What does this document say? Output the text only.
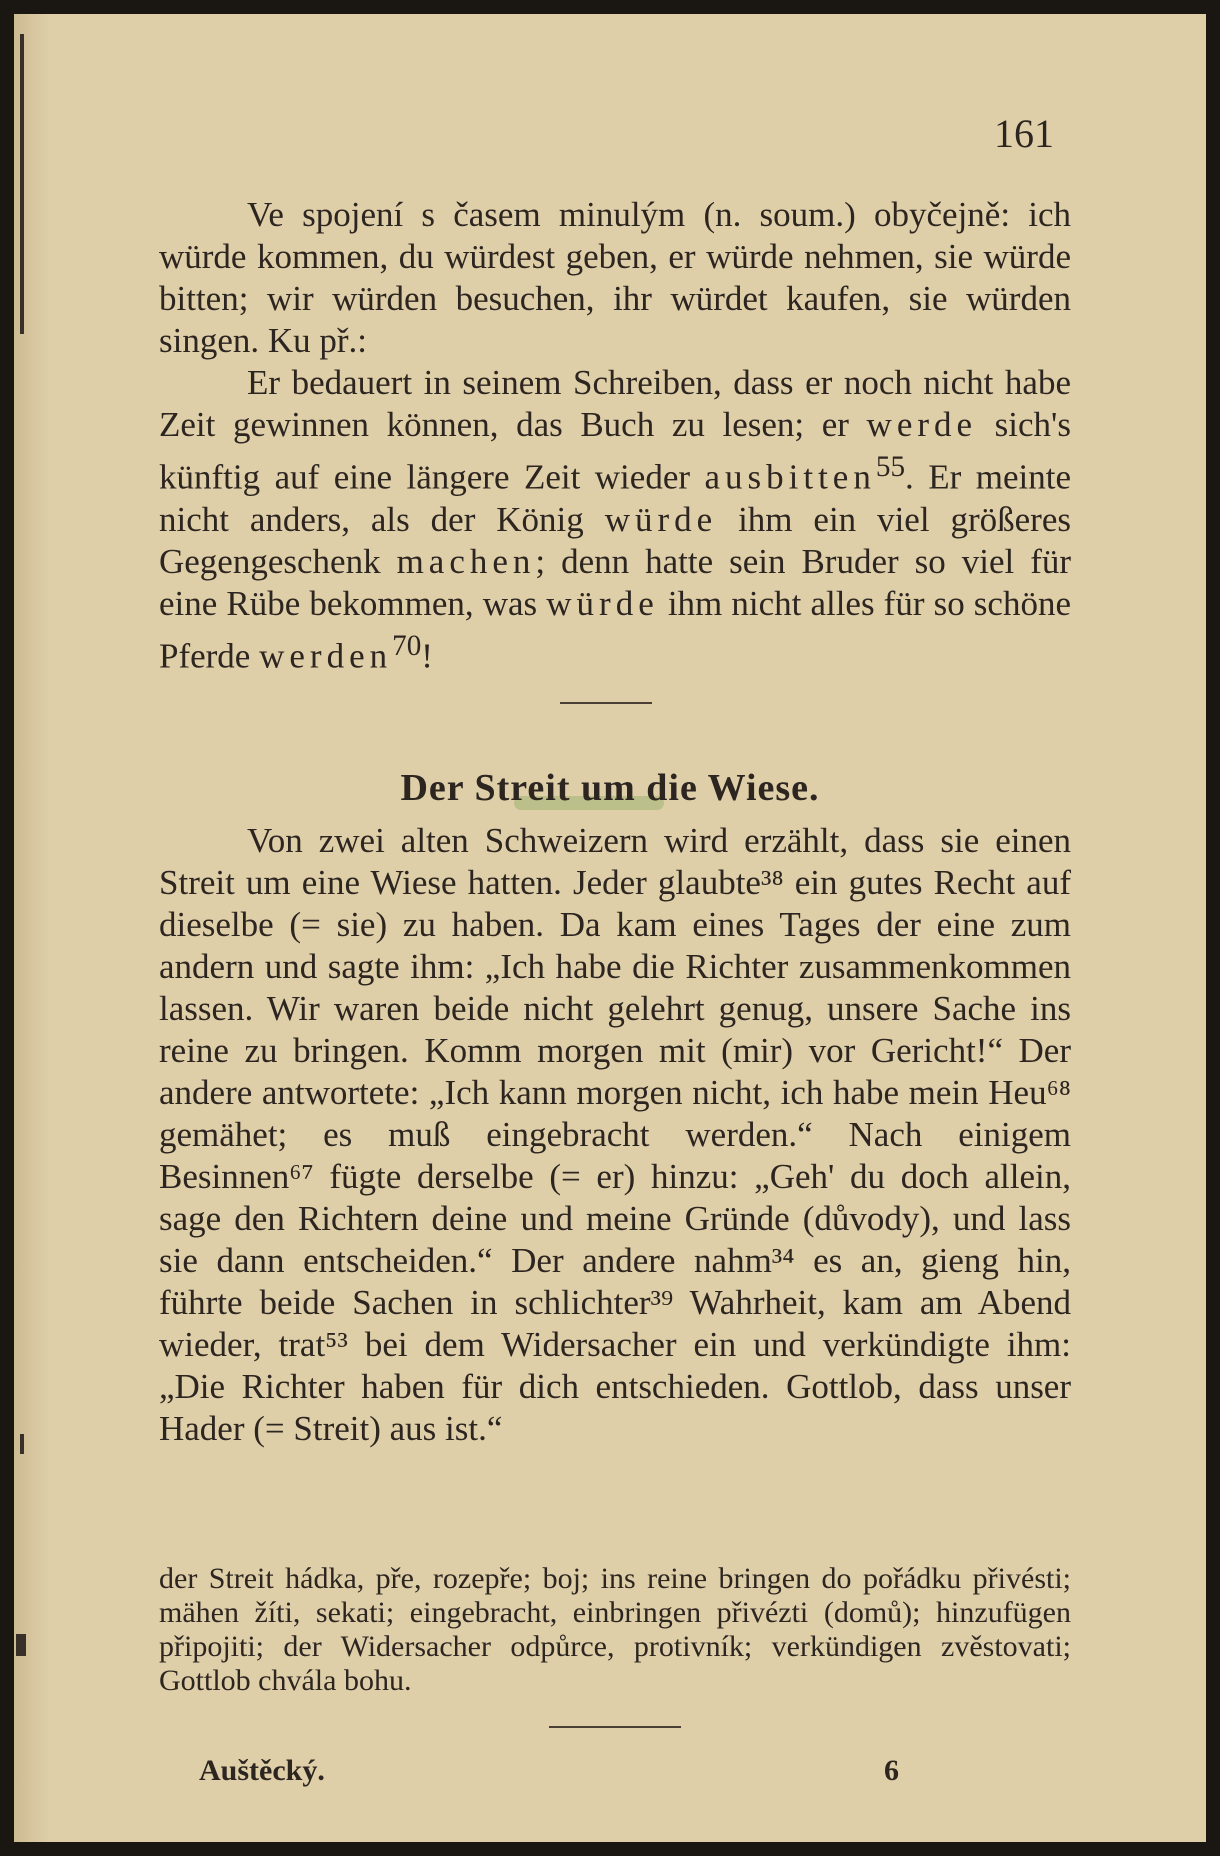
161

Ve spojení s časem minulým (n. soum.) obyčejně: ich würde kommen, du würdest geben, er würde nehmen, sie würde bitten; wir würden besuchen, ihr würdet kaufen, sie würden singen. Ku př.:

Er bedauert in seinem Schreiben, dass er noch nicht habe Zeit gewinnen können, das Buch zu lesen; er werde sich's künftig auf eine längere Zeit wieder ausbitten$^{55}$. Er meinte nicht anders, als der König würde ihm ein viel größeres Gegengeschenk machen; denn hatte sein Bruder so viel für eine Rübe bekommen, was würde ihm nicht alles für so schöne Pferde werden$^{70}$!

Der Streit um die Wiese.

Von zwei alten Schweizern wird erzählt, dass sie einen Streit um eine Wiese hatten. Jeder glaubte³⁸ ein gutes Recht auf dieselbe (= sie) zu haben. Da kam eines Tages der eine zum andern und sagte ihm: „Ich habe die Richter zusammenkommen lassen. Wir waren beide nicht gelehrt genug, unsere Sache ins reine zu bringen. Komm morgen mit (mir) vor Gericht!“ Der andere antwortete: „Ich kann morgen nicht, ich habe mein Heu⁶⁸ gemähet; es muß eingebracht werden.“ Nach einigem Besinnen⁶⁷ fügte derselbe (= er) hinzu: „Geh' du doch allein, sage den Richtern deine und meine Gründe (důvody), und lass sie dann entscheiden.“ Der andere nahm³⁴ es an, gieng hin, führte beide Sachen in schlichter³⁹ Wahrheit, kam am Abend wieder, trat⁵³ bei dem Widersacher ein und verkündigte ihm: „Die Richter haben für dich entschieden. Gottlob, dass unser Hader (= Streit) aus ist.“

der Streit hádka, pře, rozepře; boj; ins reine bringen do pořádku přivésti; mähen žíti, sekati; eingebracht, einbringen přivézti (domů); hinzufügen připojiti; der Widersacher odpůrce, protivník; verkündigen zvěstovati; Gottlob chvála bohu.
Auštěcký.	6
